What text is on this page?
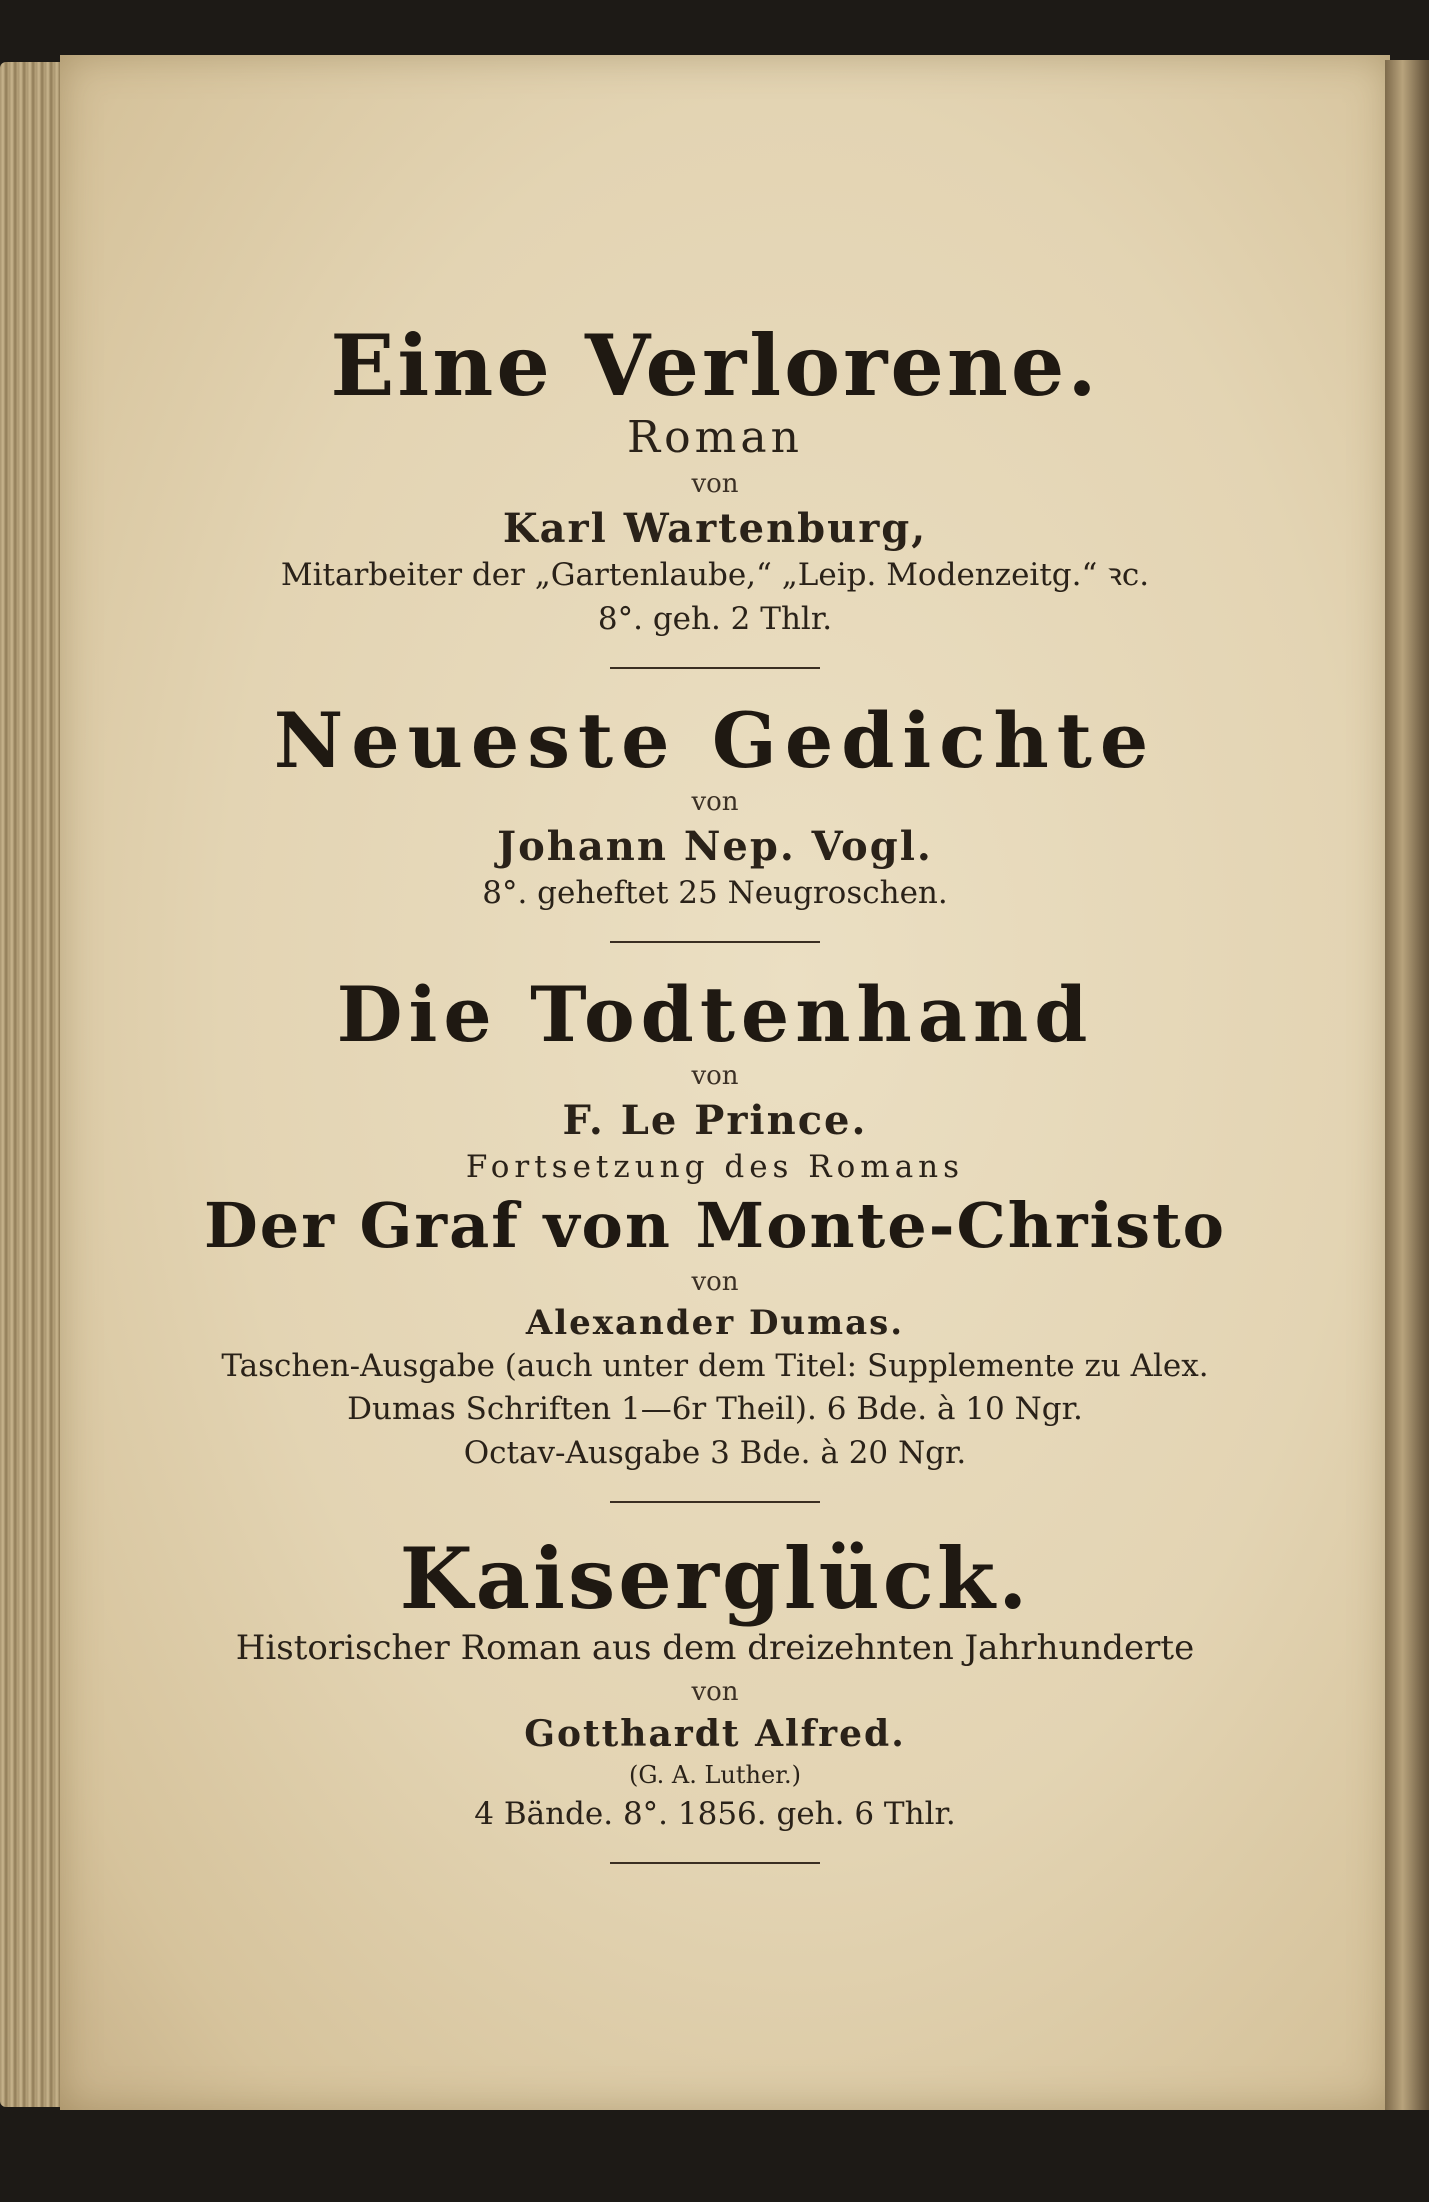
Eine Verlorene.
Roman
von
Karl Wartenburg,
Mitarbeiter der „Gartenlaube,“ „Leip. Modenzeitg.“ ꝛc.
8°. geh. 2 Thlr.
Neueste Gedichte
von
Johann Nep. Vogl.
8°. geheftet 25 Neugroschen.
Die Todtenhand
von
F. Le Prince.
Fortsetzung des Romans
Der Graf von Monte-Christo
von
Alexander Dumas.
Taschen-Ausgabe (auch unter dem Titel: Supplemente zu Alex.
Dumas Schriften 1—6r Theil). 6 Bde. à 10 Ngr.
Octav-Ausgabe 3 Bde. à 20 Ngr.
Kaiserglück.
Historischer Roman aus dem dreizehnten Jahrhunderte
von
Gotthardt Alfred.
(G. A. Luther.)
4 Bände. 8°. 1856. geh. 6 Thlr.
